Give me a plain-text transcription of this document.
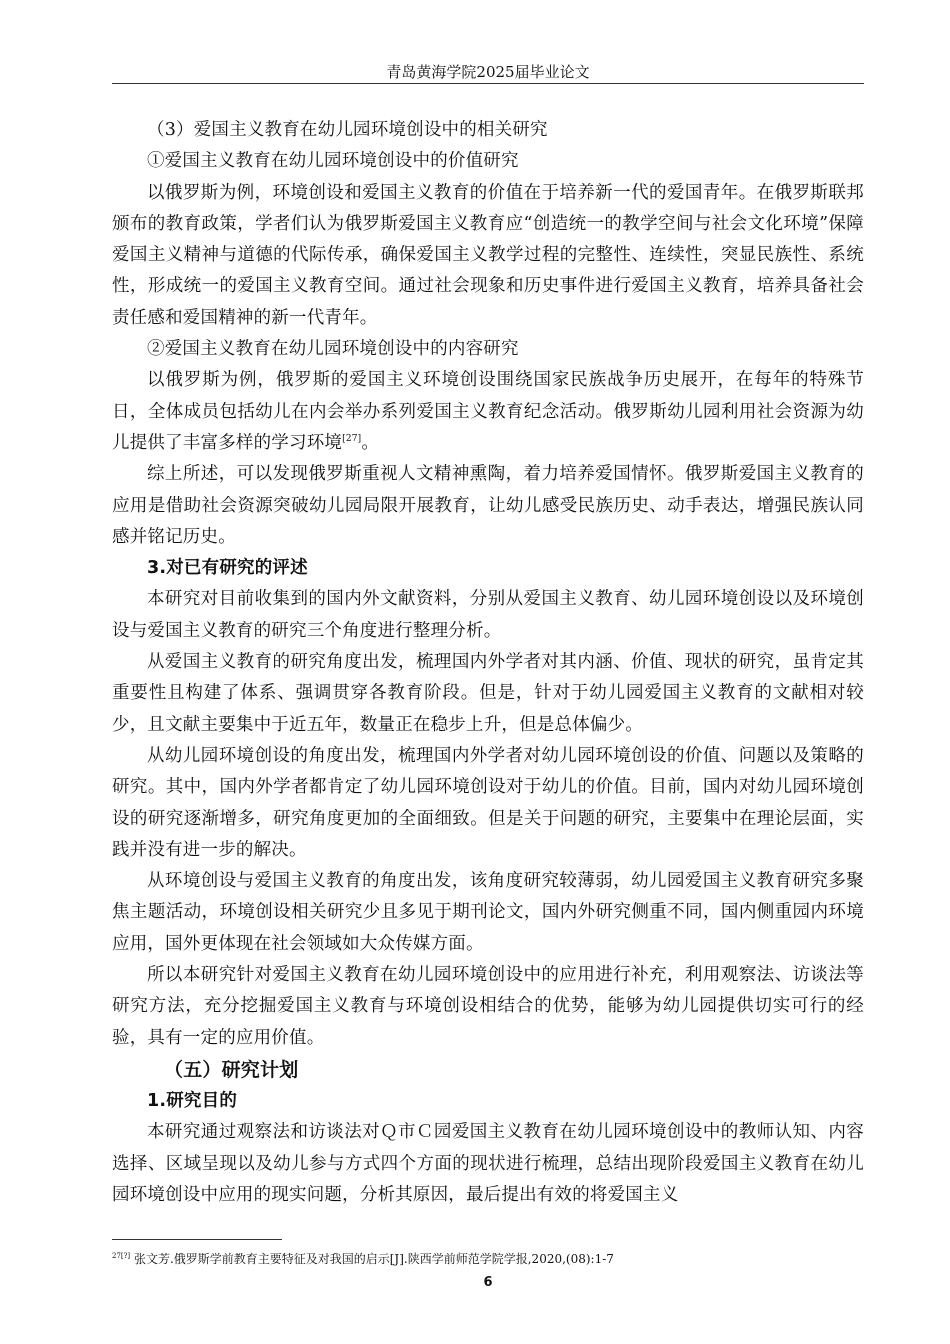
青岛黄海学院2025届毕业论文

（3）爱国主义教育在幼儿园环境创设中的相关研究

①爱国主义教育在幼儿园环境创设中的价值研究

以俄罗斯为例，环境创设和爱国主义教育的价值在于培养新一代的爱国青年。在俄罗斯联邦颁布的教育政策，学者们认为俄罗斯爱国主义教育应“创造统一的教学空间与社会文化环境”保障爱国主义精神与道德的代际传承，确保爱国主义教学过程的完整性、连续性，突显民族性、系统性，形成统一的爱国主义教育空间。通过社会现象和历史事件进行爱国主义教育，培养具备社会责任感和爱国精神的新一代青年。

②爱国主义教育在幼儿园环境创设中的内容研究

以俄罗斯为例，俄罗斯的爱国主义环境创设围绕国家民族战争历史展开，在每年的特殊节日，全体成员包括幼儿在内会举办系列爱国主义教育纪念活动。俄罗斯幼儿园利用社会资源为幼儿提供了丰富多样的学习环境[27]。

综上所述，可以发现俄罗斯重视人文精神熏陶，着力培养爱国情怀。俄罗斯爱国主义教育的应用是借助社会资源突破幼儿园局限开展教育，让幼儿感受民族历史、动手表达，增强民族认同感并铭记历史。

3.对已有研究的评述

本研究对目前收集到的国内外文献资料，分别从爱国主义教育、幼儿园环境创设以及环境创设与爱国主义教育的研究三个角度进行整理分析。

从爱国主义教育的研究角度出发，梳理国内外学者对其内涵、价值、现状的研究，虽肯定其重要性且构建了体系、强调贯穿各教育阶段。但是，针对于幼儿园爱国主义教育的文献相对较少，且文献主要集中于近五年，数量正在稳步上升，但是总体偏少。

从幼儿园环境创设的角度出发，梳理国内外学者对幼儿园环境创设的价值、问题以及策略的研究。其中，国内外学者都肯定了幼儿园环境创设对于幼儿的价值。目前，国内对幼儿园环境创设的研究逐渐增多，研究角度更加的全面细致。但是关于问题的研究，主要集中在理论层面，实践并没有进一步的解决。

从环境创设与爱国主义教育的角度出发，该角度研究较薄弱，幼儿园爱国主义教育研究多聚焦主题活动，环境创设相关研究少且多见于期刊论文，国内外研究侧重不同，国内侧重园内环境应用，国外更体现在社会领域如大众传媒方面。

所以本研究针对爱国主义教育在幼儿园环境创设中的应用进行补充，利用观察法、访谈法等研究方法，充分挖掘爱国主义教育与环境创设相结合的优势，能够为幼儿园提供切实可行的经验，具有一定的应用价值。

（五）研究计划

1.研究目的

本研究通过观察法和访谈法对Ｑ市Ｃ园爱国主义教育在幼儿园环境创设中的教师认知、内容选择、区域呈现以及幼儿参与方式四个方面的现状进行梳理，总结出现阶段爱国主义教育在幼儿园环境创设中应用的现实问题，分析其原因，最后提出有效的将爱国主义

$^{27[?]}$ 张文芳.俄罗斯学前教育主要特征及对我国的启示[J].陕西学前师范学院学报,2020,(08):1-7
6
